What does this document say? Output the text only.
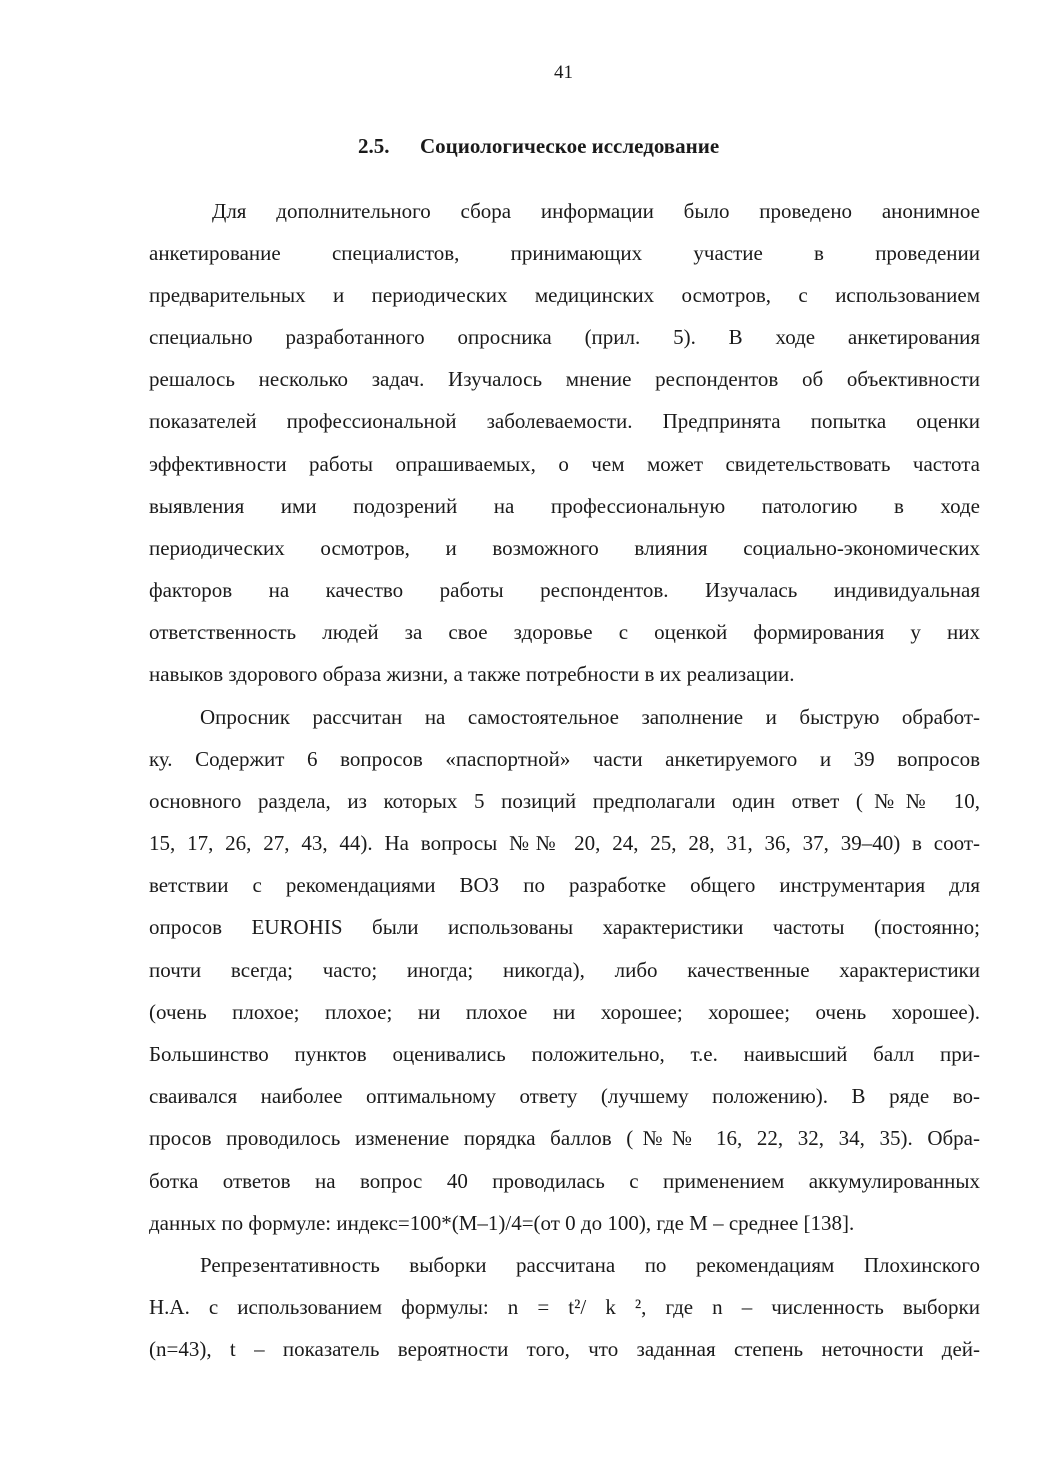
41
2.5. Социологическое исследование
Для дополнительного сбора информации было проведено анонимное
анкетирование специалистов, принимающих участие в проведении
предварительных и периодических медицинских осмотров, с использованием
специально разработанного опросника (прил. 5). В ходе анкетирования
решалось несколько задач. Изучалось мнение респондентов об объективности
показателей профессиональной заболеваемости. Предпринята попытка оценки
эффективности работы опрашиваемых, о чем может свидетельствовать частота
выявления ими подозрений на профессиональную патологию в ходе
периодических осмотров, и возможного влияния социально-экономических
факторов на качество работы респондентов. Изучалась индивидуальная
ответственность людей за свое здоровье с оценкой формирования у них
навыков здорового образа жизни, а также потребности в их реализации.
Опросник рассчитан на самостоятельное заполнение и быструю обработ-
ку. Содержит 6 вопросов «паспортной» части анкетируемого и 39 вопросов
основного раздела, из которых 5 позиций предполагали один ответ (№№ 10,
15, 17, 26, 27, 43, 44). На вопросы №№ 20, 24, 25, 28, 31, 36, 37, 39–40) в соот-
ветствии с рекомендациями ВОЗ по разработке общего инструментария для
опросов EUROHIS были использованы характеристики частоты (постоянно;
почти всегда; часто; иногда; никогда), либо качественные характеристики
(очень плохое; плохое; ни плохое ни хорошее; хорошее; очень хорошее).
Большинство пунктов оценивались положительно, т.е. наивысший балл при-
сваивался наиболее оптимальному ответу (лучшему положению). В ряде во-
просов проводилось изменение порядка баллов (№№ 16, 22, 32, 34, 35). Обра-
ботка ответов на вопрос 40 проводилась с применением аккумулированных
данных по формуле: индекс=100*(М–1)/4=(от 0 до 100), где М – среднее [138].
Репрезентативность выборки рассчитана по рекомендациям Плохинского
Н.А. с использованием формулы: n = t²/ k ², где n – численность выборки
(n=43), t – показатель вероятности того, что заданная степень неточности дей-
